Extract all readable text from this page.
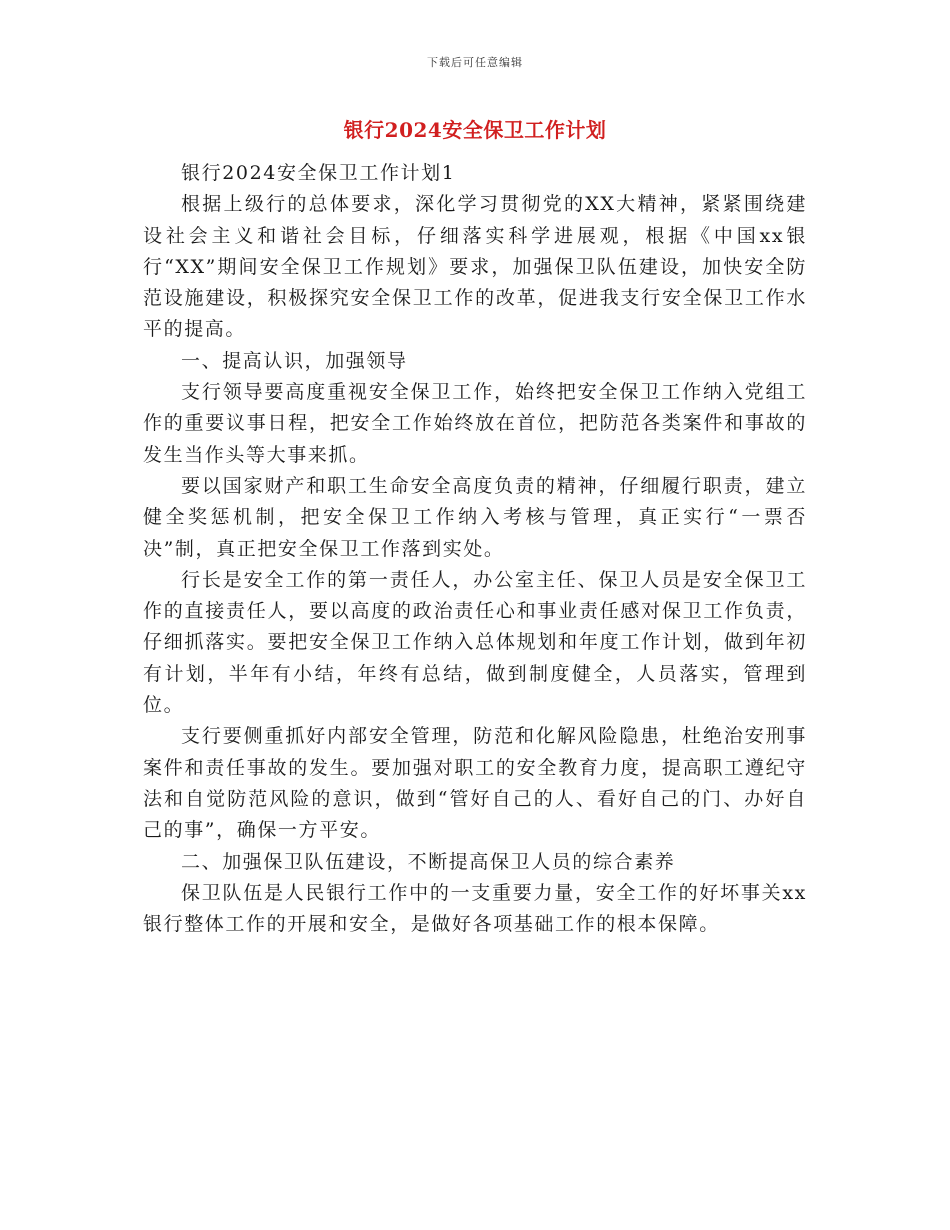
下载后可任意编辑
银行2024安全保卫工作计划

银行2024安全保卫工作计划1

根据上级行的总体要求，深化学习贯彻党的XX大精神，紧紧围绕建设社会主义和谐社会目标，仔细落实科学进展观，根据《中国xx银行“XX”期间安全保卫工作规划》要求，加强保卫队伍建设，加快安全防范设施建设，积极探究安全保卫工作的改革，促进我支行安全保卫工作水平的提高。

一、提高认识，加强领导

支行领导要高度重视安全保卫工作，始终把安全保卫工作纳入党组工作的重要议事日程，把安全工作始终放在首位，把防范各类案件和事故的发生当作头等大事来抓。

要以国家财产和职工生命安全高度负责的精神，仔细履行职责，建立健全奖惩机制，把安全保卫工作纳入考核与管理，真正实行“一票否决”制，真正把安全保卫工作落到实处。

行长是安全工作的第一责任人，办公室主任、保卫人员是安全保卫工作的直接责任人，要以高度的政治责任心和事业责任感对保卫工作负责，仔细抓落实。要把安全保卫工作纳入总体规划和年度工作计划，做到年初有计划，半年有小结，年终有总结，做到制度健全，人员落实，管理到位。

支行要侧重抓好内部安全管理，防范和化解风险隐患，杜绝治安刑事案件和责任事故的发生。要加强对职工的安全教育力度，提高职工遵纪守法和自觉防范风险的意识，做到“管好自己的人、看好自己的门、办好自己的事”，确保一方平安。

二、加强保卫队伍建设，不断提高保卫人员的综合素养

保卫队伍是人民银行工作中的一支重要力量，安全工作的好坏事关xx银行整体工作的开展和安全，是做好各项基础工作的根本保障。
